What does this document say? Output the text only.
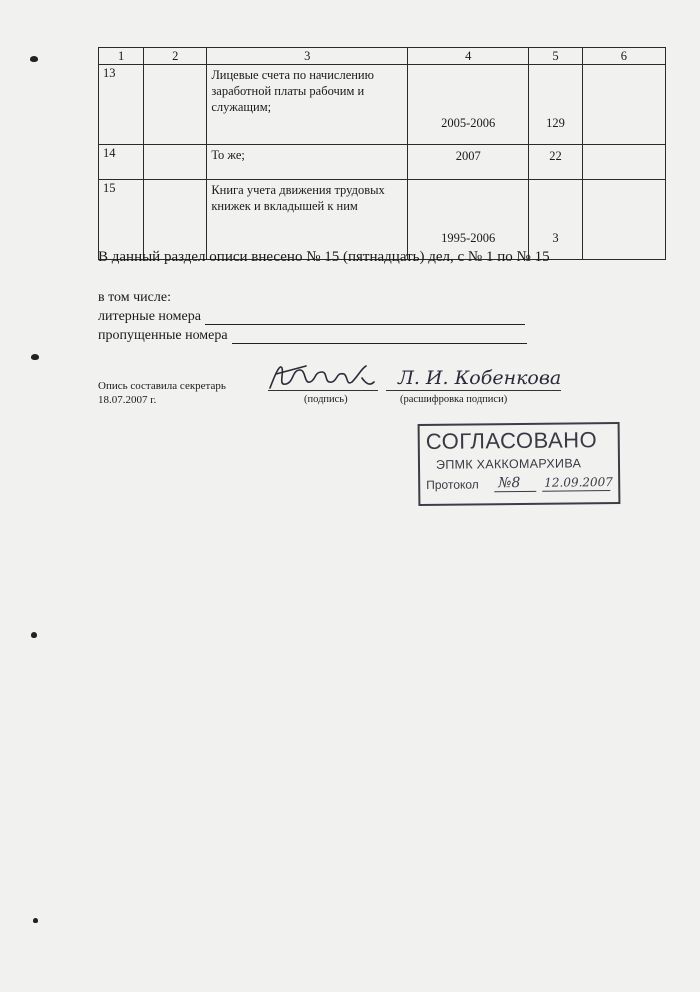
1	2	3	4	5	6
13		Лицевые счета по начислению заработной платы рабочим и служащим;	2005-2006	129	
14		То же;	2007	22	
15		Книга учета движения трудовых книжек и вкладышей к ним	1995-2006	3	
В данный раздел описи внесено № 15 (пятнадцать) дел, с № 1 по № 15
в том числе:
литерные номера
пропущенные номера
Опись составила секретарь
18.07.2007 г.
Л. И. Кобенкова
(подпись)	(расшифровка подписи)
СОГЛАСОВАНО
ЭПМК ХАККОМАРХИВА
Протокол №8 12.09.2007
